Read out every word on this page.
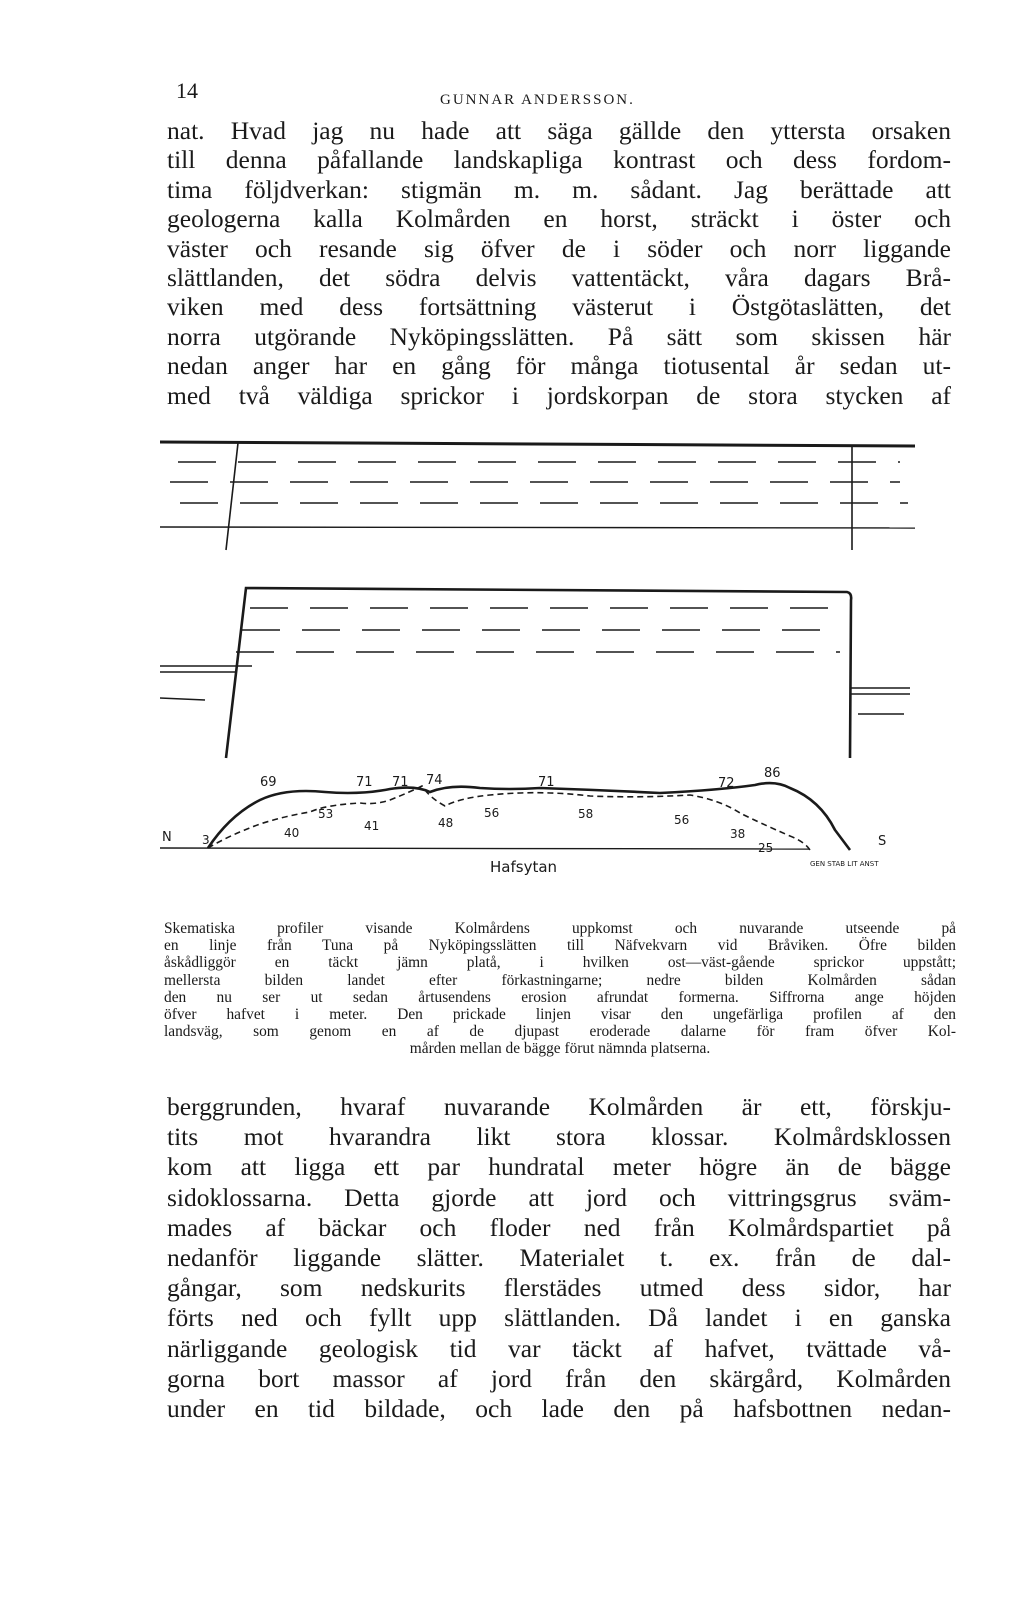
14	GUNNAR ANDERSSON.

nat. Hvad jag nu hade att säga gällde den yttersta orsaken
till denna påfallande landskapliga kontrast och dess fordom-
tima följdverkan: stigmän m. m. sådant. Jag berättade att
geologerna kalla Kolmården en horst, sträckt i öster och
väster och resande sig öfver de i söder och norr liggande
slättlanden, det södra delvis vattentäckt, våra dagars Brå-
viken med dess fortsättning västerut i Östgötaslätten, det
norra utgörande Nyköpingsslätten. På sätt som skissen här
nedan anger har en gång för många tiotusental år sedan ut-
med två väldiga sprickor i jordskorpan de stora stycken af

69	71 71 74	71	72
86
3	40
53
41	48
56	58	56
38
25
N	S
Hafsytan	GEN STAB LIT ANST

Skematiska profiler visande Kolmårdens uppkomst och nuvarande utseende på
en linje från Tuna på Nyköpingsslätten till Näfvekvarn vid Bråviken. Öfre bilden
åskådliggör en täckt jämn platå, i hvilken ost—väst-gående sprickor uppstått;
mellersta bilden landet efter förkastningarne; nedre bilden Kolmården sådan
den nu ser ut sedan årtusendens erosion afrundat formerna. Siffrorna ange höjden
öfver hafvet i meter. Den prickade linjen visar den ungefärliga profilen af den
landsväg, som genom en af de djupast eroderade dalarne för fram öfver Kol-
mården mellan de bägge förut nämnda platserna.

berggrunden, hvaraf nuvarande Kolmården är ett, förskju-
tits mot hvarandra likt stora klossar. Kolmårdsklossen
kom att ligga ett par hundratal meter högre än de bägge
sidoklossarna. Detta gjorde att jord och vittringsgrus sväm-
mades af bäckar och floder ned från Kolmårdspartiet på
nedanför liggande slätter. Materialet t. ex. från de dal-
gångar, som nedskurits flerstädes utmed dess sidor, har
förts ned och fyllt upp slättlanden. Då landet i en ganska
närliggande geologisk tid var täckt af hafvet, tvättade vå-
gorna bort massor af jord från den skärgård, Kolmården
under en tid bildade, och lade den på hafsbottnen nedan-
